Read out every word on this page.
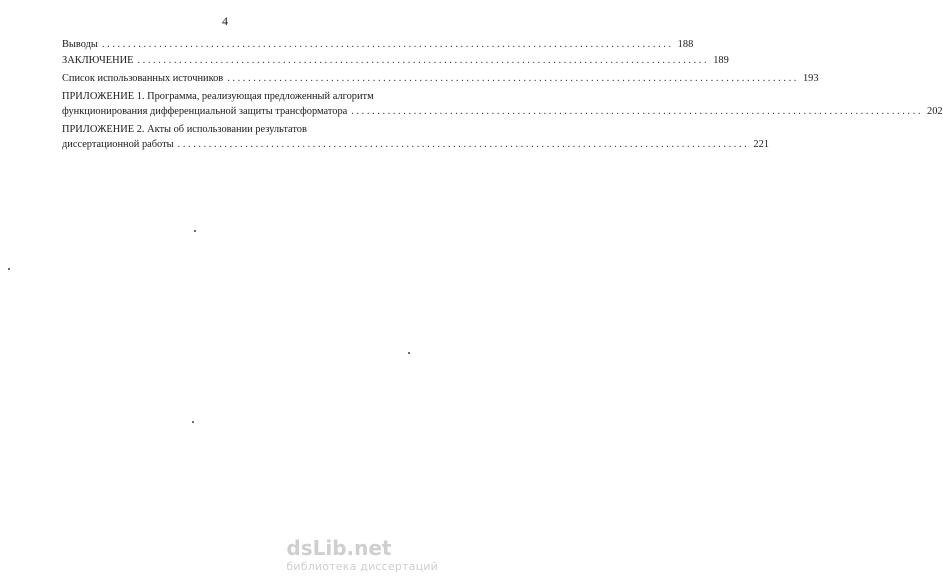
4
Выводы .............................................................................................................. 188
ЗАКЛЮЧЕНИЕ .............................................................................................................. 189
Список использованных источников .............................................................................................................. 193
ПРИЛОЖЕНИЕ 1. Программа, реализующая предложенный алгоритм
функционирования дифференциальной защиты трансформатора .............................................................................................................. 202
ПРИЛОЖЕНИЕ 2. Акты об использовании результатов
диссертационной работы .............................................................................................................. 221
dsLib.net
библиотека диссертаций
